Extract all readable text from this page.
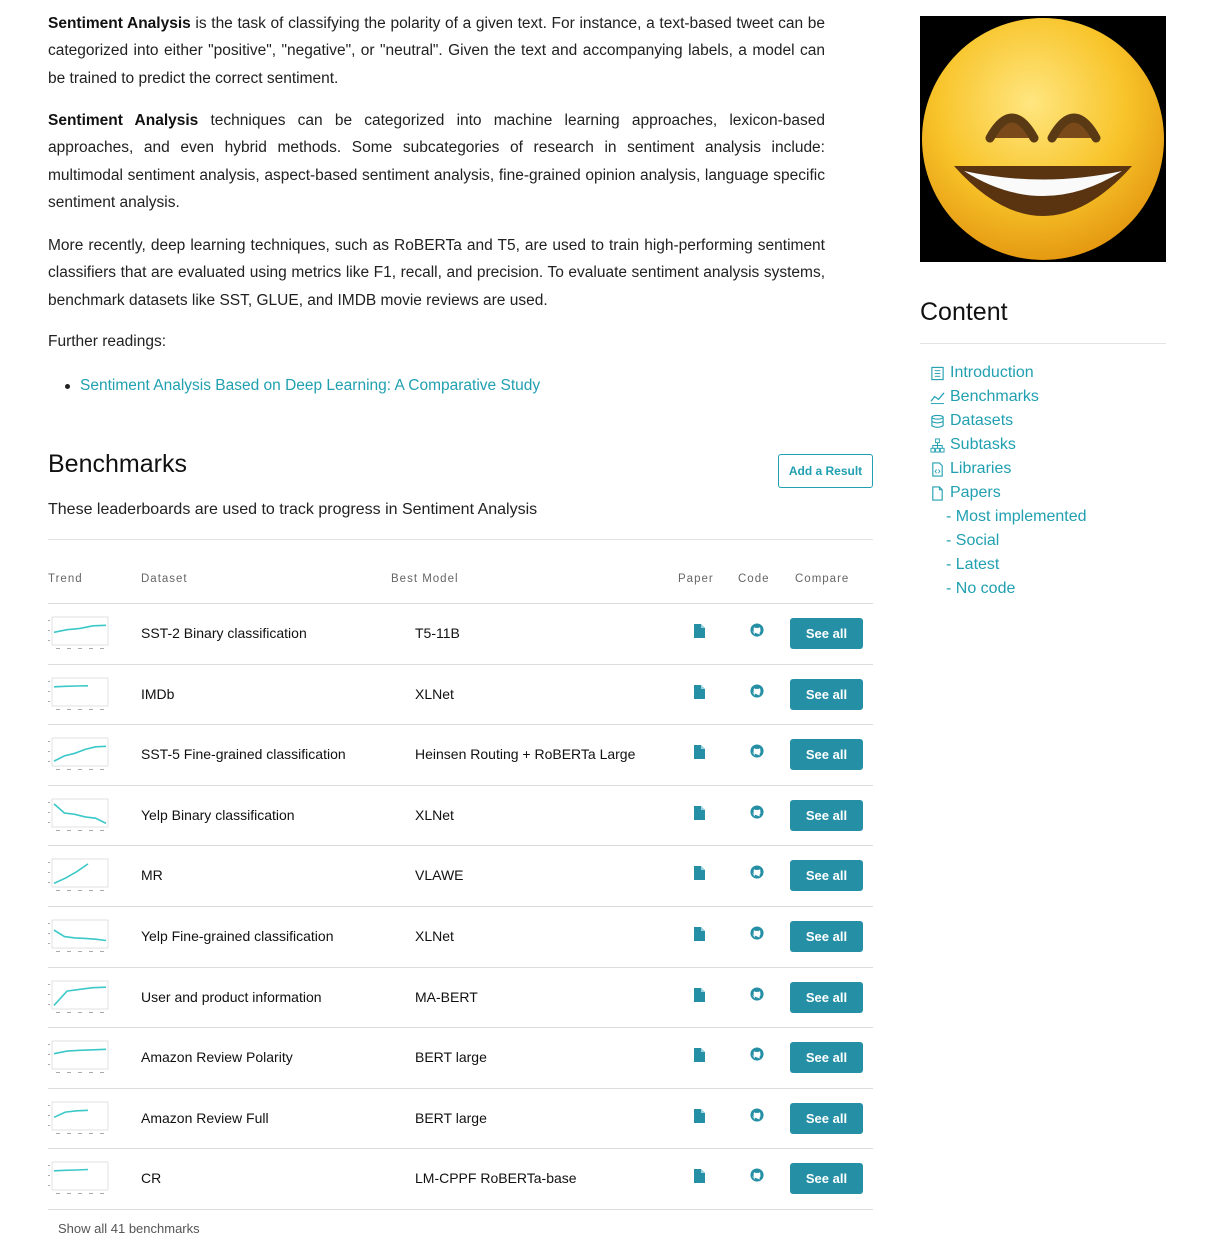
Sentiment Analysis is the task of classifying the polarity of a given text. For instance, a text-based tweet can be categorized into either "positive", "negative", or "neutral". Given the text and accompanying labels, a model can be trained to predict the correct sentiment.

Sentiment Analysis techniques can be categorized into machine learning approaches, lexicon-based approaches, and even hybrid methods. Some subcategories of research in sentiment analysis include: multimodal sentiment analysis, aspect-based sentiment analysis, fine-grained opinion analysis, language specific sentiment analysis.

More recently, deep learning techniques, such as RoBERTa and T5, are used to train high-performing sentiment classifiers that are evaluated using metrics like F1, recall, and precision. To evaluate sentiment analysis systems, benchmark datasets like SST, GLUE, and IMDB movie reviews are used.

Further readings:

Sentiment Analysis Based on Deep Learning: A Comparative Study
Benchmarks	Add a Result

These leaderboards are used to track progress in Sentiment Analysis

Trend	Dataset	Best Model	Paper Code Compare
SST-2 Binary classification	T5-11B	See all
IMDb	XLNet	See all
SST-5 Fine-grained classification	Heinsen Routing + RoBERTa Large	See all
Yelp Binary classification	XLNet	See all
MR	VLAWE	See all
Yelp Fine-grained classification	XLNet	See all
User and product information	MA-BERT	See all
Amazon Review Polarity	BERT large	See all
Amazon Review Full	BERT large	See all
CR	LM-CPPF RoBERTa-base	See all
Show all 41 benchmarks
Content
Introduction
Benchmarks
Datasets
Subtasks
Libraries
Papers
- Most implemented
- Social
- Latest
- No code
